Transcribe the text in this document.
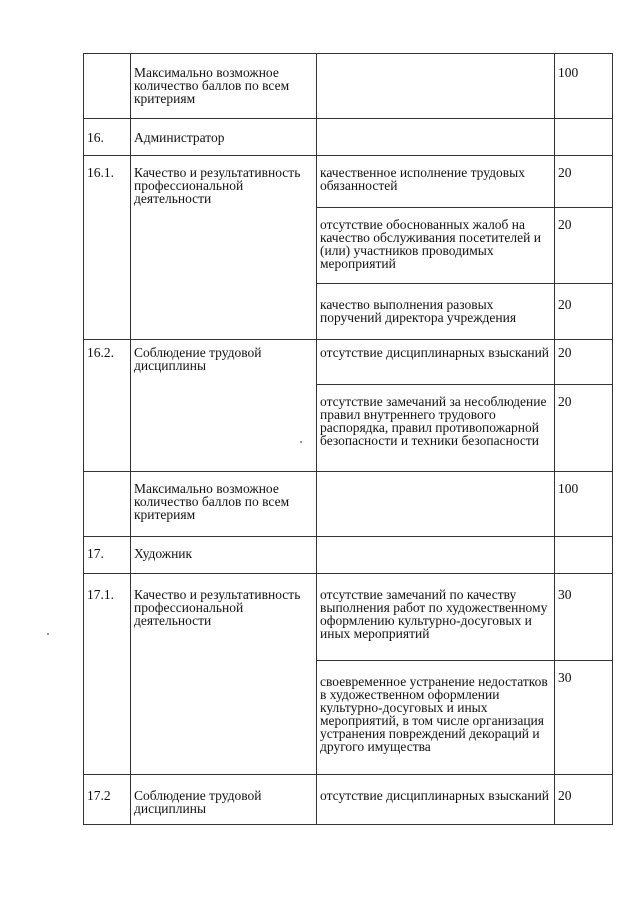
	Максимально возможное количество баллов по всем критериям		100
16.	Администратор		
16.1.	Качество и результативность профессиональной деятельности	качественное исполнение трудовых обязанностей	20
		отсутствие обоснованных жалоб на качество обслуживания посетителей и (или) участников проводимых мероприятий	20
		качество выполнения разовых поручений директора учреждения	20
16.2.	Соблюдение трудовой дисциплины	отсутствие дисциплинарных взысканий	20
		отсутствие замечаний за несоблюдение правил внутреннего трудового распорядка, правил противопожарной безопасности и техники безопасности	20
	Максимально возможное количество баллов по всем критериям		100
17.	Художник		
17.1.	Качество и результативность профессиональной деятельности	отсутствие замечаний по качеству выполнения работ по художественному оформлению культурно-досуговых и иных мероприятий	30
		своевременное устранение недостатков в художественном оформлении культурно-досуговых и иных мероприятий, в том числе организация устранения повреждений декораций и другого имущества	30
17.2	Соблюдение трудовой дисциплины	отсутствие дисциплинарных взысканий	20
